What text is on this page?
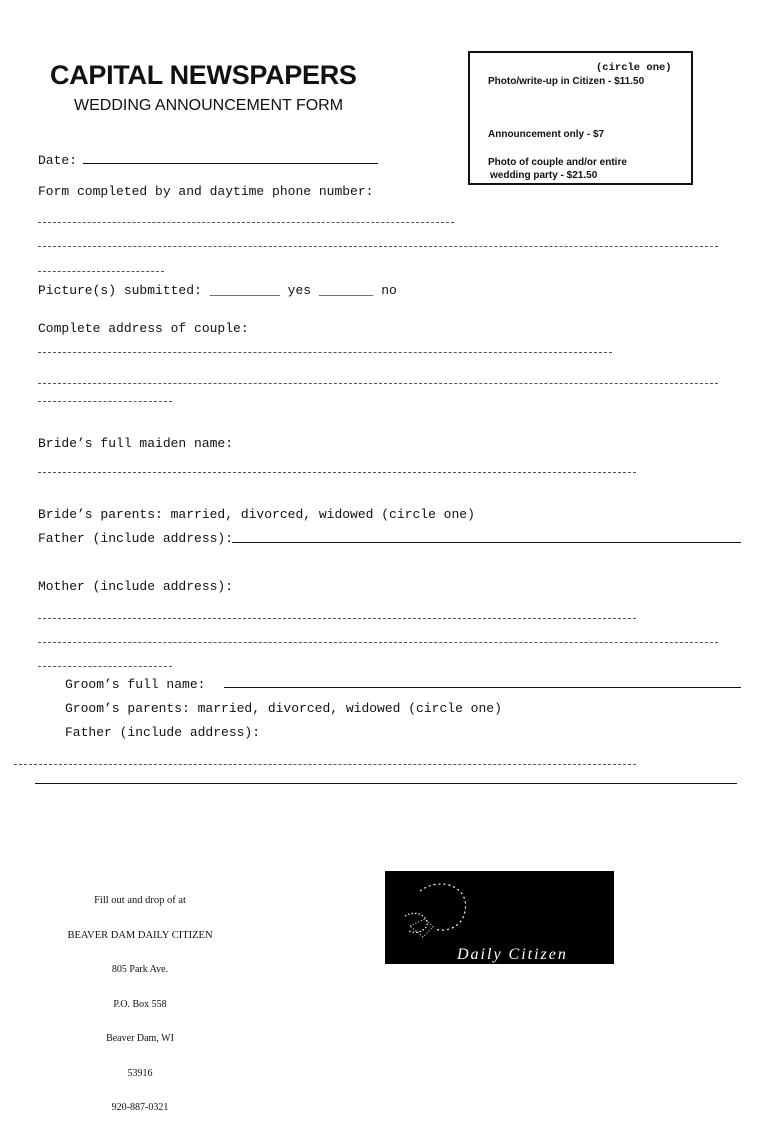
CAPITAL NEWSPAPERS
WEDDING ANNOUNCEMENT FORM
(circle one)
Photo/write-up in Citizen - $11.50
Announcement only - $7
Photo of couple and/or entire
wedding party - $21.50
Date:
Form completed by and daytime phone number:
Picture(s) submitted: _________ yes _______ no
Complete address of couple:
Bride’s full maiden name:
Bride’s parents: married, divorced, widowed (circle one)
Father (include address):
Mother (include address):
Groom’s full name:
Groom’s parents: married, divorced, widowed (circle one)
Father (include address):

Fill out and drop of at

BEAVER DAM DAILY CITIZEN

805 Park Ave.

P.O. Box 558

Beaver Dam, WI

53916

920-887-0321

Daily Citizen
